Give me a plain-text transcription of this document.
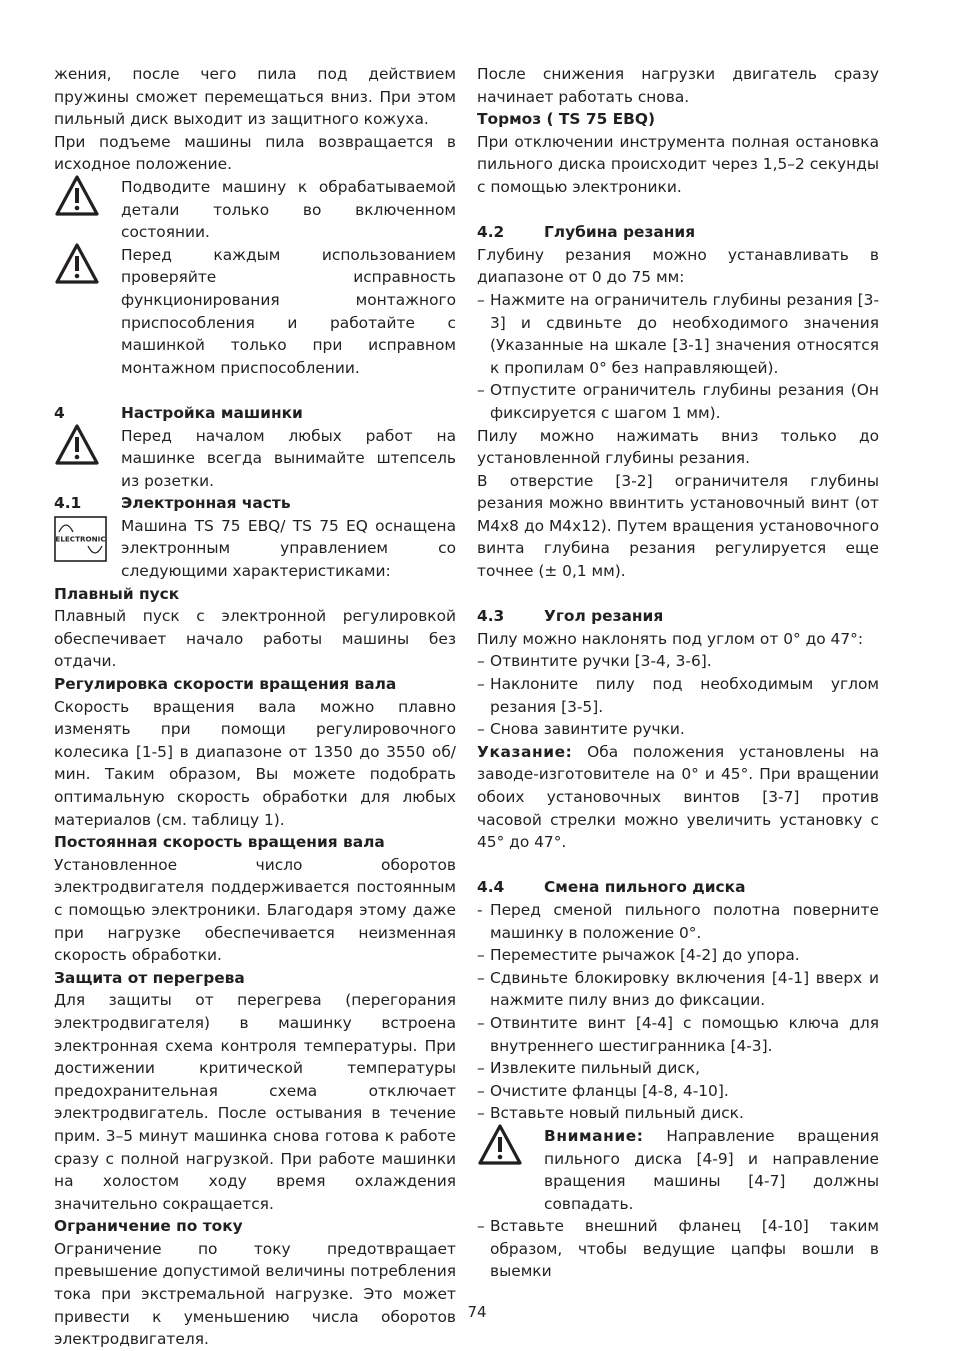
жения, после чего пила под действием пружины сможет перемещаться вниз. При этом пильный диск выходит из защитного кожуха.

При подъеме машины пила возвращается в исходное положение.

Подводите машину к обрабатываемой детали только во включенном состоянии.
Перед каждым использованием проверяйте исправность функционирования монтажного приспособления и работайте с машинкой только при исправном монтажном приспособлении.
4	Настройка машинки
Перед началом любых работ на машинке всегда вынимайте штепсель из розетки.
4.1	Электронная часть
ELECTRONIC
Машина TS 75 EBQ/ TS 75 EQ оснащена электронным управлением со следующими характеристиками:

Плавный пуск

Плавный пуск с электронной регулировкой обеспечивает начало работы машины без отдачи.

Регулировка скорости вращения вала

Скорость вращения вала можно плавно изменять при помощи регулировочного колесика [1-5] в диапазоне от 1350 до 3550 об/мин. Таким образом, Вы можете подобрать оптимальную скорость обработки для любых материалов (см. таблицу 1).

Постоянная скорость вращения вала

Установленное число оборотов электродвигателя поддерживается постоянным с помощью электроники. Благодаря этому даже при нагрузке обеспечивается неизменная скорость обработки.

Защита от перегрева

Для защиты от перегрева (перегорания электродвигателя) в машинку встроена электронная схема контроля температуры. При достижении критической температуры предохранительная схема отключает электродвигатель. После остывания в течение прим. 3–5 минут машинка снова готова к работе сразу с полной нагрузкой. При работе машинки на холостом ходу время охлаждения значительно сокращается.

Ограничение по току

Ограничение по току предотвращает превышение допустимой величины потребления тока при экстремальной нагрузке. Это может привести к уменьшению числа оборотов электродвигателя.

После снижения нагрузки двигатель сразу начинает работать снова.

Тормоз ( TS 75 EBQ)

При отключении инструмента полная остановка пильного диска происходит через 1,5–2 секунды с помощью электроники.

4.2	Глубина резания

Глубину резания можно устанавливать в диапазоне от 0 до 75 мм:

– Нажмите на ограничитель глубины резания [3-3] и сдвиньте до необходимого значения (Указанные на шкале [3-1] значения относятся к пропилам 0° без направляющей).
– Отпустите ограничитель глубины резания (Он фиксируется с шагом 1 мм).

Пилу можно нажимать вниз только до установленной глубины резания.

В отверстие [3-2] ограничителя глубины резания можно ввинтить установочный винт (от M4x8 до M4x12). Путем вращения установочного винта глубина резания регулируется еще точнее (± 0,1 мм).

4.3	Угол резания

Пилу можно наклонять под углом от 0° до 47°:

– Отвинтите ручки [3-4, 3-6].
– Наклоните пилу под необходимым углом резания [3-5].
– Снова завинтите ручки.

Указание: Оба положения установлены на заводе-изготовителе на 0° и 45°. При вращении обоих установочных винтов [3-7] против часовой стрелки можно увеличить установку с 45° до 47°.

4.4	Смена пильного диска
- Перед сменой пильного полотна поверните машинку в положение 0°.
– Переместите рычажок [4-2] до упора.
– Сдвиньте блокировку включения [4-1] вверх и нажмите пилу вниз до фиксации.
– Отвинтите винт [4-4] с помощью ключа для внутреннего шестигранника [4-3].
– Извлеките пильный диск,
– Очистите фланцы [4-8, 4-10].
– Вставьте новый пильный диск.
Внимание: Направление вращения пильного диска [4-9] и направление вращения машины [4-7] должны совпадать.
– Вставьте внешний фланец [4-10] таким образом, чтобы ведущие цапфы вошли в выемки
74
